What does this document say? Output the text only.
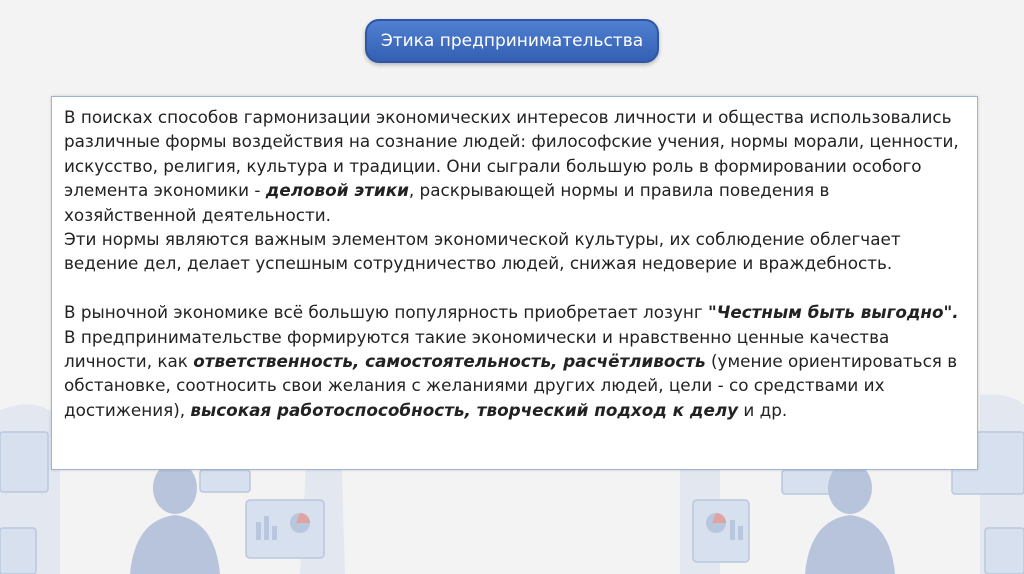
Этика предпринимательства

В поисках способов гармонизации экономических интересов личности и общества использовались различные формы воздействия на сознание людей: философские учения, нормы морали, ценности, искусство, религия, культура и традиции. Они сыграли большую роль в формировании особого элемента экономики - деловой этики, раскрывающей нормы и правила поведения в хозяйственной деятельности.

Эти нормы являются важным элементом экономической культуры, их соблюдение облегчает ведение дел, делает успешным сотрудничество людей, снижая недоверие и враждебность.

В рыночной экономике всё большую популярность приобретает лозунг "Честным быть выгодно".

В предпринимательстве формируются такие экономически и нравственно ценные качества личности, как ответственность, самостоятельность, расчётливость (умение ориентироваться в обстановке, соотносить свои желания с желаниями других людей, цели - со средствами их достижения), высокая работоспособность, творческий подход к делу и др.
